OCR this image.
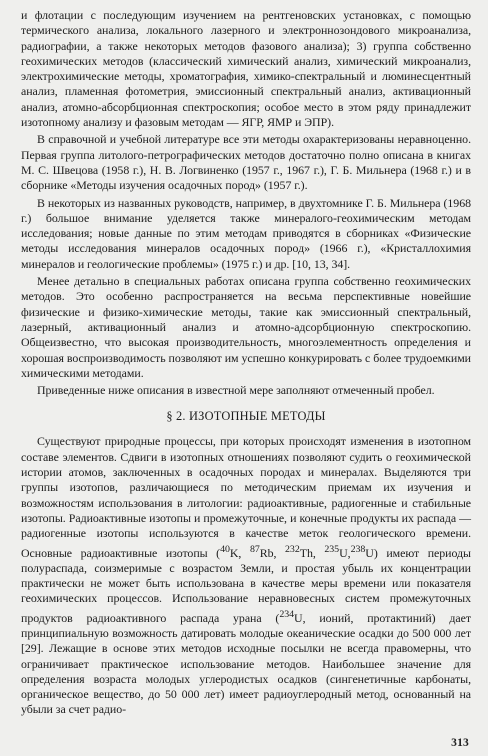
и флотации с последующим изучением на рентгеновских установках, с помощью термического анализа, локального лазерного и электроннозондового микроанализа, радиографии, а также некоторых методов фазового анализа); 3) группа собственно геохимических методов (классический химический анализ, химический микроанализ, электрохимические методы, хроматография, химико-спектральный и люминесцентный анализ, пламенная фотометрия, эмиссионный спектральный анализ, активационный анализ, атомно-абсорбционная спектроскопия; особое место в этом ряду принадлежит изотопному анализу и фазовым методам — ЯГР, ЯМР и ЭПР).

В справочной и учебной литературе все эти методы охарактеризованы неравноценно. Первая группа литолого-петрографических методов достаточно полно описана в книгах М. С. Швецова (1958 г.), Н. В. Логвиненко (1957 г., 1967 г.), Г. Б. Мильнера (1968 г.) и в сборнике «Методы изучения осадочных пород» (1957 г.).

В некоторых из названных руководств, например, в двухтомнике Г. Б. Мильнера (1968 г.) большое внимание уделяется также минералого-геохимическим методам исследования; новые данные по этим методам приводятся в сборниках «Физические методы исследования минералов осадочных пород» (1966 г.), «Кристаллохимия минералов и геологические проблемы» (1975 г.) и др. [10, 13, 34].

Менее детально в специальных работах описана группа собственно геохимических методов. Это особенно распространяется на весьма перспективные новейшие физические и физико-химические методы, такие как эмиссионный спектральный, лазерный, активационный анализ и атомно-адсорбционную спектроскопию. Общеизвестно, что высокая производительность, многоэлементность определения и хорошая воспроизводимость позволяют им успешно конкурировать с более трудоемкими химическими методами.

Приведенные ниже описания в известной мере заполняют отмеченный пробел.

§ 2. ИЗОТОПНЫЕ МЕТОДЫ

Существуют природные процессы, при которых происходят изменения в изотопном составе элементов. Сдвиги в изотопных отношениях позволяют судить о геохимической истории атомов, заключенных в осадочных породах и минералах. Выделяются три группы изотопов, различающиеся по методическим приемам их изучения и возможностям использования в литологии: радиоактивные, радиогенные и стабильные изотопы. Радиоактивные изотопы и промежуточные, и конечные продукты их распада — радиогенные изотопы используются в качестве меток геологического времени. Основные радиоактивные изотопы ($^{40}$K, $^{87}$Rb, $^{232}$Th, $^{235}$U,$^{238}$U) имеют периоды полураспада, соизмеримые с возрастом Земли, и простая убыль их концентрации практически не может быть использована в качестве меры времени или показателя геохимических процессов. Использование неравновесных систем промежуточных продуктов радиоактивного распада урана ($^{234}$U, ионий, протактиний) дает принципиальную возможность датировать молодые океанические осадки до 500 000 лет [29]. Лежащие в основе этих методов исходные посылки не всегда правомерны, что ограничивает практическое использование методов. Наибольшее значение для определения возраста молодых углеродистых осадков (сингенетичные карбонаты, органическое вещество, до 50 000 лет) имеет радиоуглеродный метод, основанный на убыли за счет радио-

313
